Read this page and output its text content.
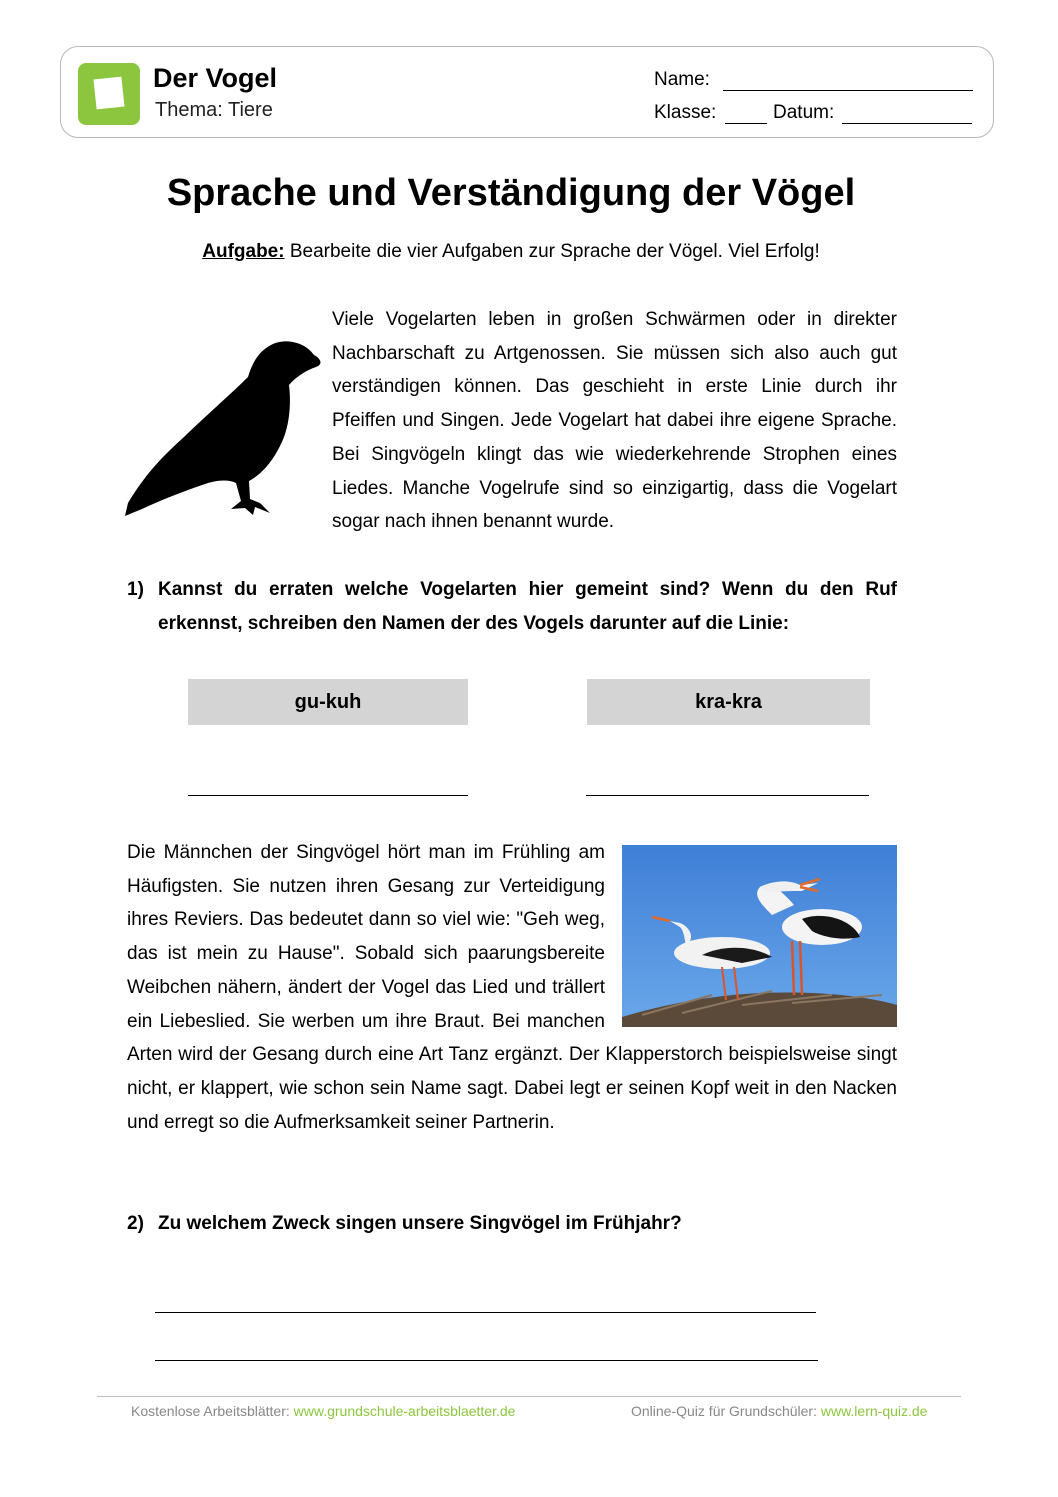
Der Vogel
Thema: Tiere
Name:
Klasse:	Datum:
Sprache und Verständigung der Vögel
Aufgabe: Bearbeite die vier Aufgaben zur Sprache der Vögel. Viel Erfolg!

Viele Vogelarten leben in großen Schwärmen oder in direkter Nachbarschaft zu Artgenossen. Sie müssen sich also auch gut verständigen können. Das geschieht in erste Linie durch ihr Pfeiffen und Singen. Jede Vogelart hat dabei ihre eigene Sprache. Bei Singvögeln klingt das wie wiederkehrende Strophen eines Liedes. Manche Vogelrufe sind so einzigartig, dass die Vogelart sogar nach ihnen benannt wurde.

1) Kannst du erraten welche Vogelarten hier gemeint sind? Wenn du den Ruf erkennst, schreiben den Namen der des Vogels darunter auf die Linie:
gu-kuh	kra-kra

Die Männchen der Singvögel hört man im Frühling am Häufigsten. Sie nutzen ihren Gesang zur Verteidigung ihres Reviers. Das bedeutet dann so viel wie: "Geh weg, das ist mein zu Hause". Sobald sich paarungsbereite Weibchen nähern, ändert der Vogel das Lied und trällert ein Liebeslied. Sie werben um ihre Braut. Bei manchen Arten wird der Gesang durch eine Art Tanz ergänzt. Der Klapperstorch beispielsweise singt nicht, er klappert, wie schon sein Name sagt. Dabei legt er seinen Kopf weit in den Nacken und erregt so die Aufmerksamkeit seiner Partnerin.

2) Zu welchem Zweck singen unsere Singvögel im Frühjahr?
Kostenlose Arbeitsblätter: www.grundschule-arbeitsblaetter.de	Online-Quiz für Grundschüler: www.lern-quiz.de
